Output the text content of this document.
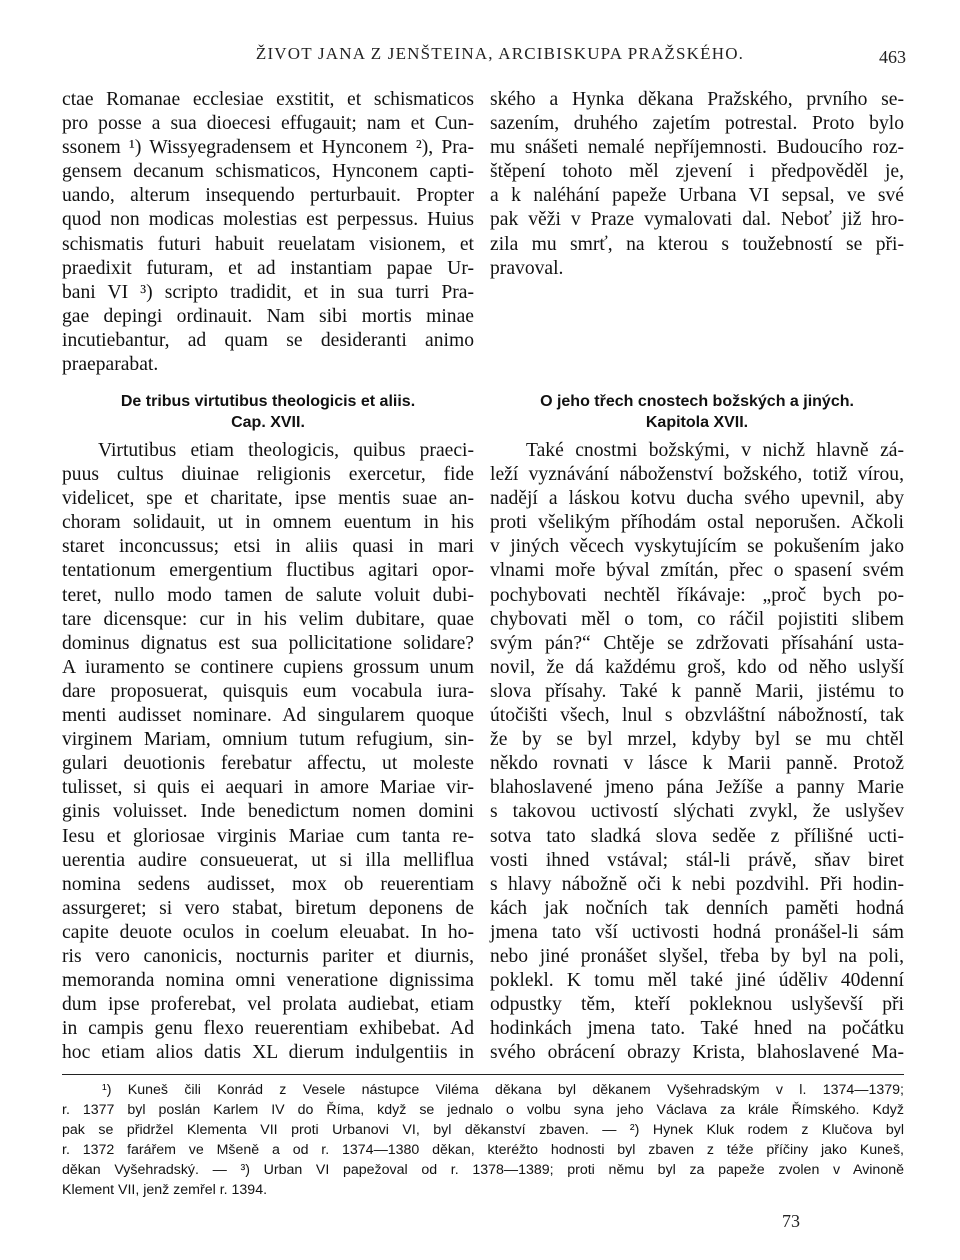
ŽIVOT JANA Z JENŠTEINA, ARCIBISKUPA PRAŽSKÉHO.	463
ctae Romanae ecclesiae exstitit, et schismaticos
pro posse a sua dioecesi effugauit; nam et Cun-
ssonem ¹) Wissyegradensem et Hynconem ²), Pra-
gensem decanum schismaticos, Hynconem capti-
uando, alterum insequendo perturbauit. Propter
quod non modicas molestias est perpessus. Huius
schismatis futuri habuit reuelatam visionem, et
praedixit futuram, et ad instantiam papae Ur-
bani VI ³) scripto tradidit, et in sua turri Pra-
gae depingi ordinauit. Nam sibi mortis minae
incutiebantur, ad quam se desideranti animo
praeparabat.
ského a Hynka děkana Pražského, prvního se-
sazením, druhého zajetím potrestal. Proto bylo
mu snášeti nemalé nepříjemnosti. Budoucího roz-
štěpení tohoto měl zjevení i předpověděl je,
a k naléhání papeže Urbana VI sepsal, ve své
pak věži v Praze vymalovati dal. Neboť již hro-
zila mu smrť, na kterou s toužebností se při-
pravoval.
De tribus virtutibus theologicis et aliis.
Cap. XVII.
O jeho třech cnostech božských a jiných.
Kapitola XVII.
Virtutibus etiam theologicis, quibus praeci-
puus cultus diuinae religionis exercetur, fide
videlicet, spe et charitate, ipse mentis suae an-
choram solidauit, ut in omnem euentum in his
staret inconcussus; etsi in aliis quasi in mari
tentationum emergentium fluctibus agitari opor-
teret, nullo modo tamen de salute voluit dubi-
tare dicensque: cur in his velim dubitare, quae
dominus dignatus est sua pollicitatione solidare?
A iuramento se continere cupiens grossum unum
dare proposuerat, quisquis eum vocabula iura-
menti audisset nominare. Ad singularem quoque
virginem Mariam, omnium tutum refugium, sin-
gulari deuotionis ferebatur affectu, ut moleste
tulisset, si quis ei aequari in amore Mariae vir-
ginis voluisset. Inde benedictum nomen domini
Iesu et gloriosae virginis Mariae cum tanta re-
uerentia audire consueuerat, ut si illa melliflua
nomina sedens audisset, mox ob reuerentiam
assurgeret; si vero stabat, biretum deponens de
capite deuote oculos in coelum eleuabat. In ho-
ris vero canonicis, nocturnis pariter et diurnis,
memoranda nomina omni veneratione dignissima
dum ipse proferebat, vel prolata audiebat, etiam
in campis genu flexo reuerentiam exhibebat. Ad
hoc etiam alios datis XL dierum indulgentiis in
Také cnostmi božskými, v nichž hlavně zá-
leží vyznávání náboženství božského, totiž vírou,
nadějí a láskou kotvu ducha svého upevnil, aby
proti všelikým příhodám ostal neporušen. Ačkoli
v jiných věcech vyskytujícím se pokušením jako
vlnami moře býval zmítán, přec o spasení svém
pochybovati nechtěl říkávaje: „proč bych po-
chybovati měl o tom, co ráčil pojistiti slibem
svým pán?“ Chtěje se zdržovati přísahání usta-
novil, že dá každému groš, kdo od něho uslyší
slova přísahy. Také k panně Marii, jistému to
útočišti všech, lnul s obzvláštní nábožností, tak
že by se byl mrzel, kdyby byl se mu chtěl
někdo rovnati v lásce k Marii panně. Protož
blahoslavené jmeno pána Ježíše a panny Marie
s takovou uctivostí slýchati zvykl, že uslyšev
sotva tato sladká slova seděe z přílišné ucti-
vosti ihned vstával; stál-li právě, sňav biret
s hlavy nábožně oči k nebi pozdvihl. Při hodin-
kách jak nočních tak denních paměti hodná
jmena tato vší uctivosti hodná pronášel-li sám
nebo jiné pronášet slyšel, třeba by byl na poli,
poklekl. K tomu měl také jiné úděliv 40denní
odpustky těm, kteří pokleknou uslyševší při
hodinkách jmena tato. Také hned na počátku
svého obrácení obrazy Krista, blahoslavené Ma-
¹) Kuneš čili Konrád z Vesele nástupce Viléma děkana byl děkanem Vyšehradským v l. 1374—1379;
r. 1377 byl poslán Karlem IV do Říma, když se jednalo o volbu syna jeho Václava za krále Římského. Když
pak se přidržel Klementa VII proti Urbanovi VI, byl děkanství zbaven. — ²) Hynek Kluk rodem z Klučova byl
r. 1372 farářem ve Mšeně a od r. 1374—1380 děkan, kteréžto hodnosti byl zbaven z téže příčiny jako Kuneš,
děkan Vyšehradský. — ³) Urban VI papežoval od r. 1378—1389; proti němu byl za papeže zvolen v Avinoně
Klement VII, jenž zemřel r. 1394.
73
